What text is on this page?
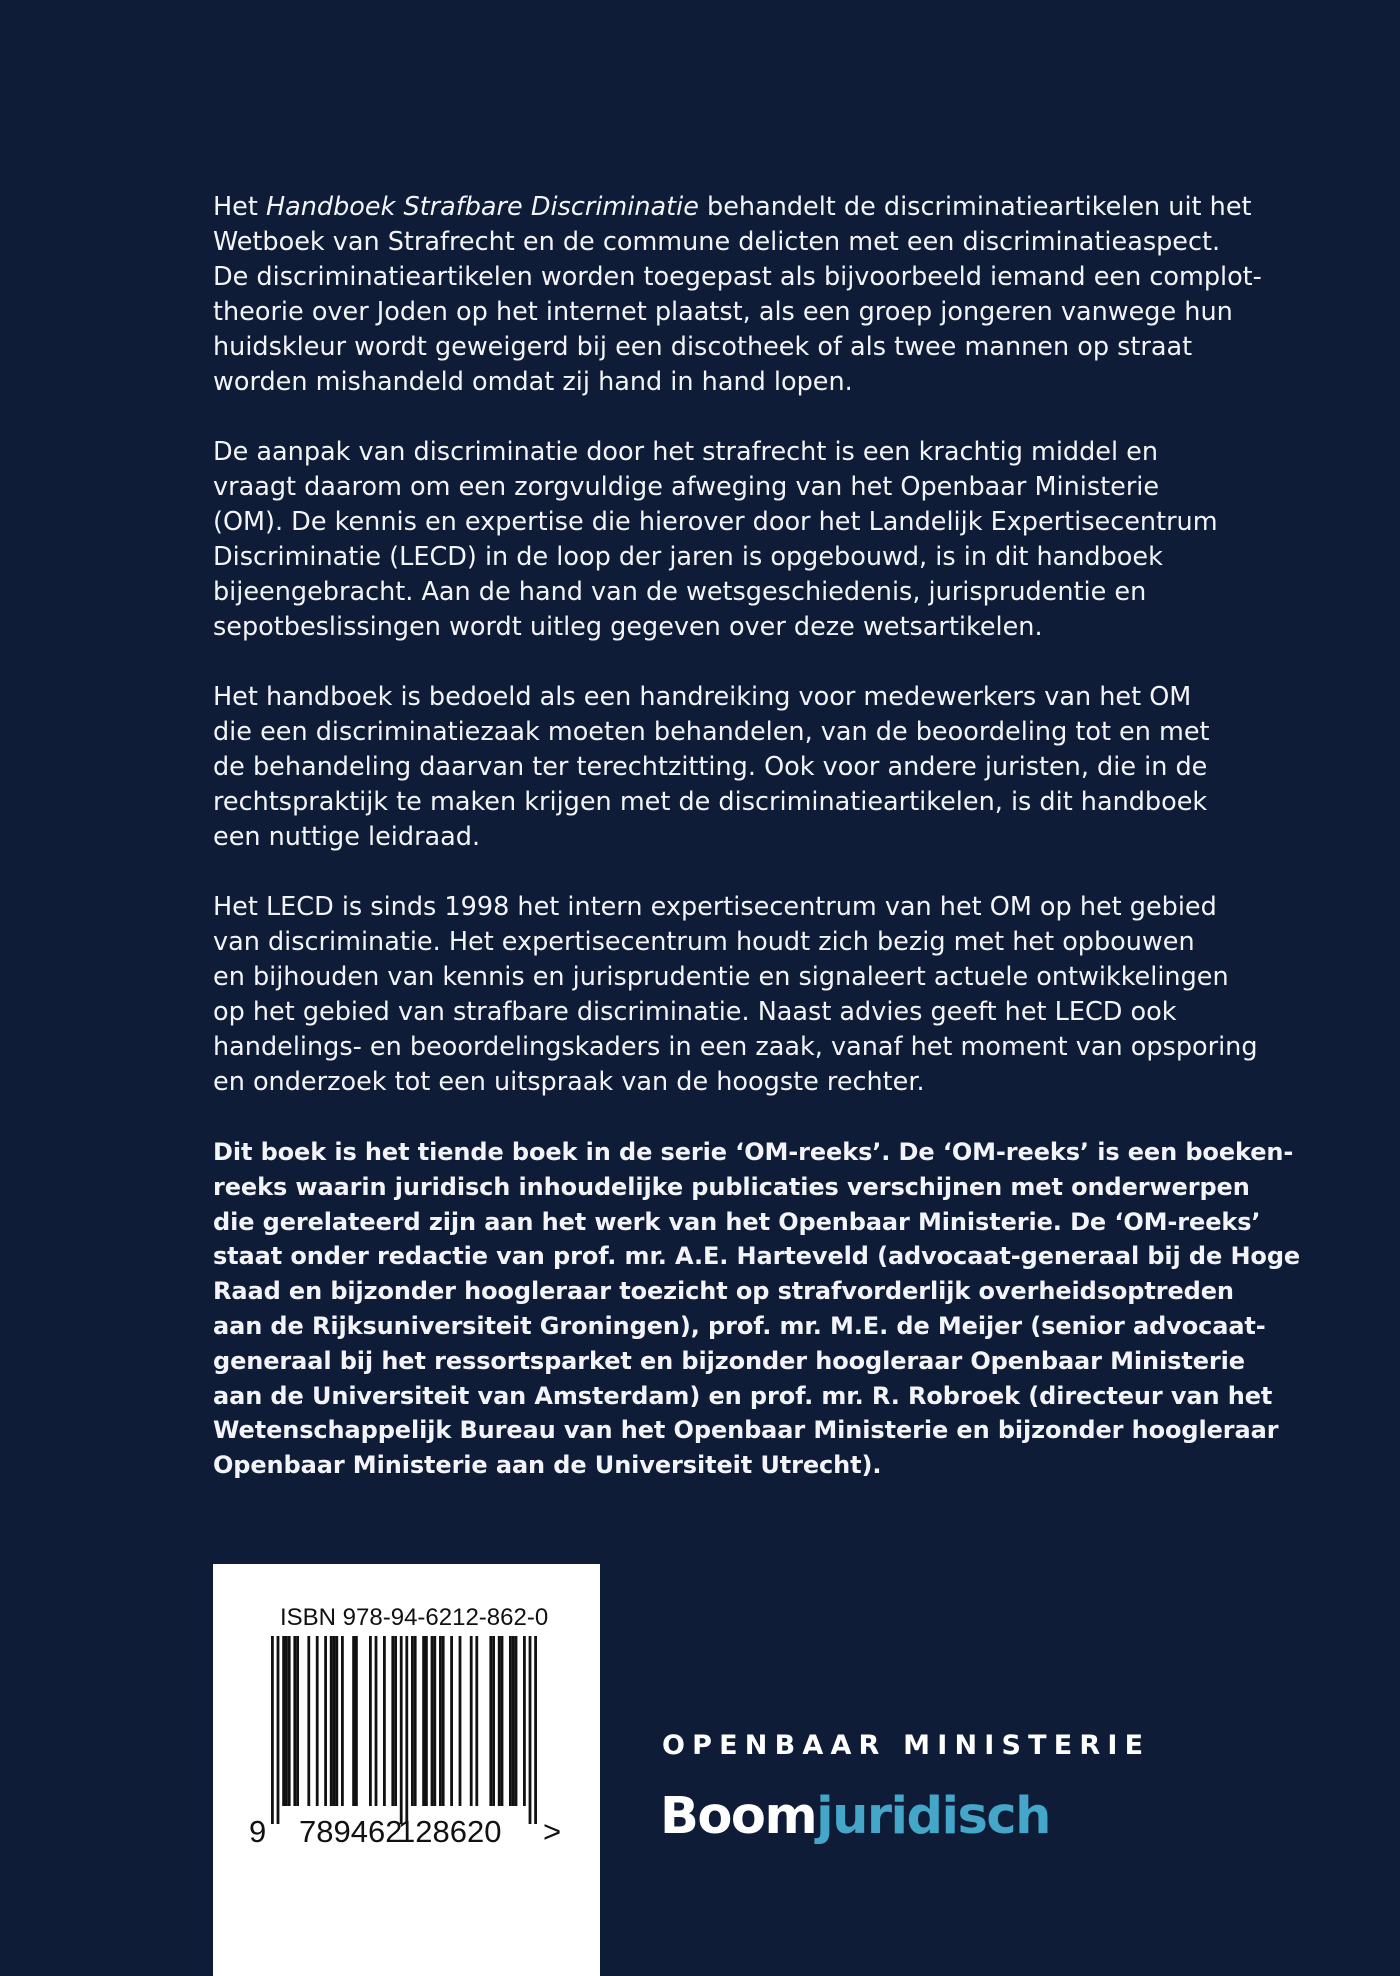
Het Handboek Strafbare Discriminatie behandelt de discriminatieartikelen uit het
Wetboek van Strafrecht en de commune delicten met een discriminatieaspect.
De discriminatieartikelen worden toegepast als bijvoorbeeld iemand een complot-
theorie over Joden op het internet plaatst, als een groep jongeren vanwege hun
huidskleur wordt geweigerd bij een discotheek of als twee mannen op straat
worden mishandeld omdat zij hand in hand lopen.

De aanpak van discriminatie door het strafrecht is een krachtig middel en
vraagt daarom om een zorgvuldige afweging van het Openbaar Ministerie
(OM). De kennis en expertise die hierover door het Landelijk Expertisecentrum
Discriminatie (LECD) in de loop der jaren is opgebouwd, is in dit handboek
bijeengebracht. Aan de hand van de wetsgeschiedenis, jurisprudentie en
sepotbeslissingen wordt uitleg gegeven over deze wetsartikelen.

Het handboek is bedoeld als een handreiking voor medewerkers van het OM
die een discriminatiezaak moeten behandelen, van de beoordeling tot en met
de behandeling daarvan ter terechtzitting. Ook voor andere juristen, die in de
rechtspraktijk te maken krijgen met de discriminatieartikelen, is dit handboek
een nuttige leidraad.

Het LECD is sinds 1998 het intern expertisecentrum van het OM op het gebied
van discriminatie. Het expertisecentrum houdt zich bezig met het opbouwen
en bijhouden van kennis en jurisprudentie en signaleert actuele ontwikkelingen
op het gebied van strafbare discriminatie. Naast advies geeft het LECD ook
handelings- en beoordelingskaders in een zaak, vanaf het moment van opsporing
en onderzoek tot een uitspraak van de hoogste rechter.

Dit boek is het tiende boek in de serie ‘OM-reeks’. De ‘OM-reeks’ is een boeken-
reeks waarin juridisch inhoudelijke publicaties verschijnen met onderwerpen
die gerelateerd zijn aan het werk van het Openbaar Ministerie. De ‘OM-reeks’
staat onder redactie van prof. mr. A.E. Harteveld (advocaat-generaal bij de Hoge
Raad en bijzonder hoogleraar toezicht op strafvorderlijk overheidsoptreden
aan de Rijksuniversiteit Groningen), prof. mr. M.E. de Meijer (senior advocaat-
generaal bij het ressortsparket en bijzonder hoogleraar Openbaar Ministerie
aan de Universiteit van Amsterdam) en prof. mr. R. Robroek (directeur van het
Wetenschappelijk Bureau van het Openbaar Ministerie en bijzonder hoogleraar
Openbaar Ministerie aan de Universiteit Utrecht).

ISBN 978-94-6212-862-0
9 789462
128620 >
OPENBAAR MINISTERIE
Boomjuridisch
